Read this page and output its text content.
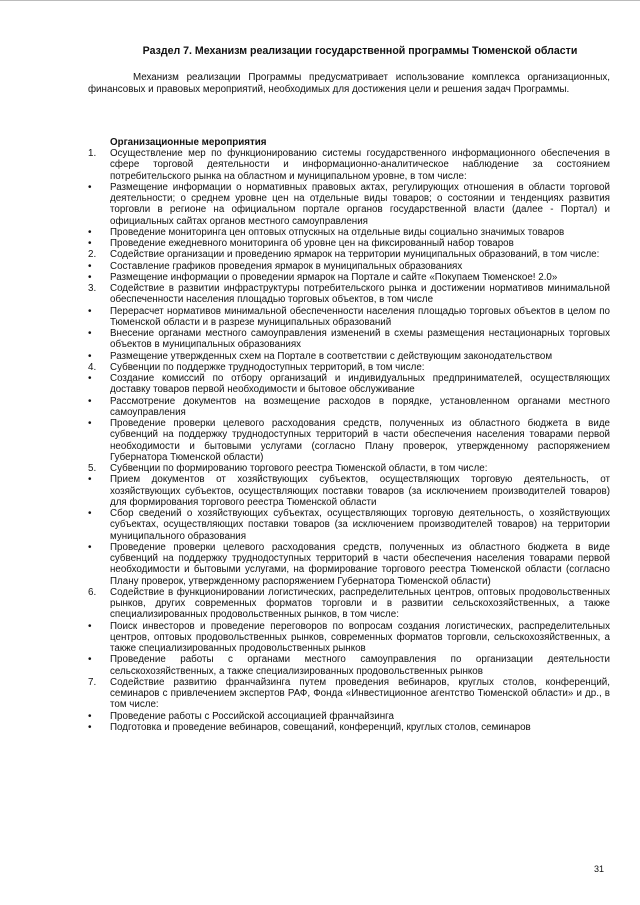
Раздел 7. Механизм реализации государственной программы Тюменской области
Механизм реализации Программы предусматривает использование комплекса организационных, финансовых и правовых мероприятий, необходимых для достижения цели и решения задач Программы.
Организационные мероприятия
1.	Осуществление мер по функционированию системы государственного информационного обеспечения в сфере торговой деятельности и информационно-аналитическое наблюдение за состоянием потребительского рынка на областном и муниципальном уровне, в том числе:
•	Размещение информации о нормативных правовых актах, регулирующих отношения в области торговой деятельности; о среднем уровне цен на отдельные виды товаров; о состоянии и тенденциях развития торговли в регионе на официальном портале органов государственной власти (далее - Портал) и официальных сайтах органов местного самоуправления
•	Проведение мониторинга цен оптовых отпускных на отдельные виды социально значимых товаров
•	Проведение ежедневного мониторинга об уровне цен на фиксированный набор товаров
2.	Содействие организации и проведению ярмарок на территории муниципальных образований, в том числе:
•	Составление графиков проведения ярмарок в муниципальных образованиях
•	Размещение информации о проведении ярмарок на Портале и сайте «Покупаем Тюменское! 2.0»
3.	Содействие в развитии инфраструктуры потребительского рынка и достижении нормативов минимальной обеспеченности населения площадью торговых объектов, в том числе
•	Перерасчет нормативов минимальной обеспеченности населения площадью торговых объектов в целом по Тюменской области и в разрезе муниципальных образований
•	Внесение органами местного самоуправления изменений в схемы размещения нестационарных торговых объектов в муниципальных образованиях
•	Размещение утвержденных схем на Портале в соответствии с действующим законодательством
4.	Субвенции по поддержке труднодоступных территорий, в том числе:
•	Создание комиссий по отбору организаций и индивидуальных предпринимателей, осуществляющих доставку товаров первой необходимости и бытовое обслуживание
•	Рассмотрение документов на возмещение расходов в порядке, установленном органами местного самоуправления
•	Проведение проверки целевого расходования средств, полученных из областного бюджета в виде субвенций на поддержку труднодоступных территорий в части обеспечения населения товарами первой необходимости и бытовыми услугами (согласно Плану проверок, утвержденному распоряжением Губернатора Тюменской области)
5.	Субвенции по формированию торгового реестра Тюменской области, в том числе:
•	Прием документов от хозяйствующих субъектов, осуществляющих торговую деятельность, от хозяйствующих субъектов, осуществляющих поставки товаров (за исключением производителей товаров) для формирования торгового реестра Тюменской области
•	Сбор сведений о хозяйствующих субъектах, осуществляющих торговую деятельность, о хозяйствующих субъектах, осуществляющих поставки товаров (за исключением производителей товаров) на территории муниципального образования
•	Проведение проверки целевого расходования средств, полученных из областного бюджета в виде субвенций на поддержку труднодоступных территорий в части обеспечения населения товарами первой необходимости и бытовыми услугами, на формирование торгового реестра Тюменской области (согласно Плану проверок, утвержденному распоряжением Губернатора Тюменской области)
6.	Содействие в функционировании логистических, распределительных центров, оптовых продовольственных рынков, других современных форматов торговли и в развитии сельскохозяйственных, а также специализированных продовольственных рынков, в том числе:
•	Поиск инвесторов и проведение переговоров по вопросам создания логистических, распределительных центров, оптовых продовольственных рынков, современных форматов торговли, сельскохозяйственных, а также специализированных продовольственных рынков
•	Проведение работы с органами местного самоуправления по организации деятельности сельскохозяйственных, а также специализированных продовольственных рынков
7.	Содействие развитию франчайзинга путем проведения вебинаров, круглых столов, конференций, семинаров с привлечением экспертов РАФ, Фонда «Инвестиционное агентство Тюменской области» и др., в том числе:
•	Проведение работы с Российской ассоциацией франчайзинга
•	Подготовка и проведение вебинаров, совещаний, конференций, круглых столов, семинаров
31
